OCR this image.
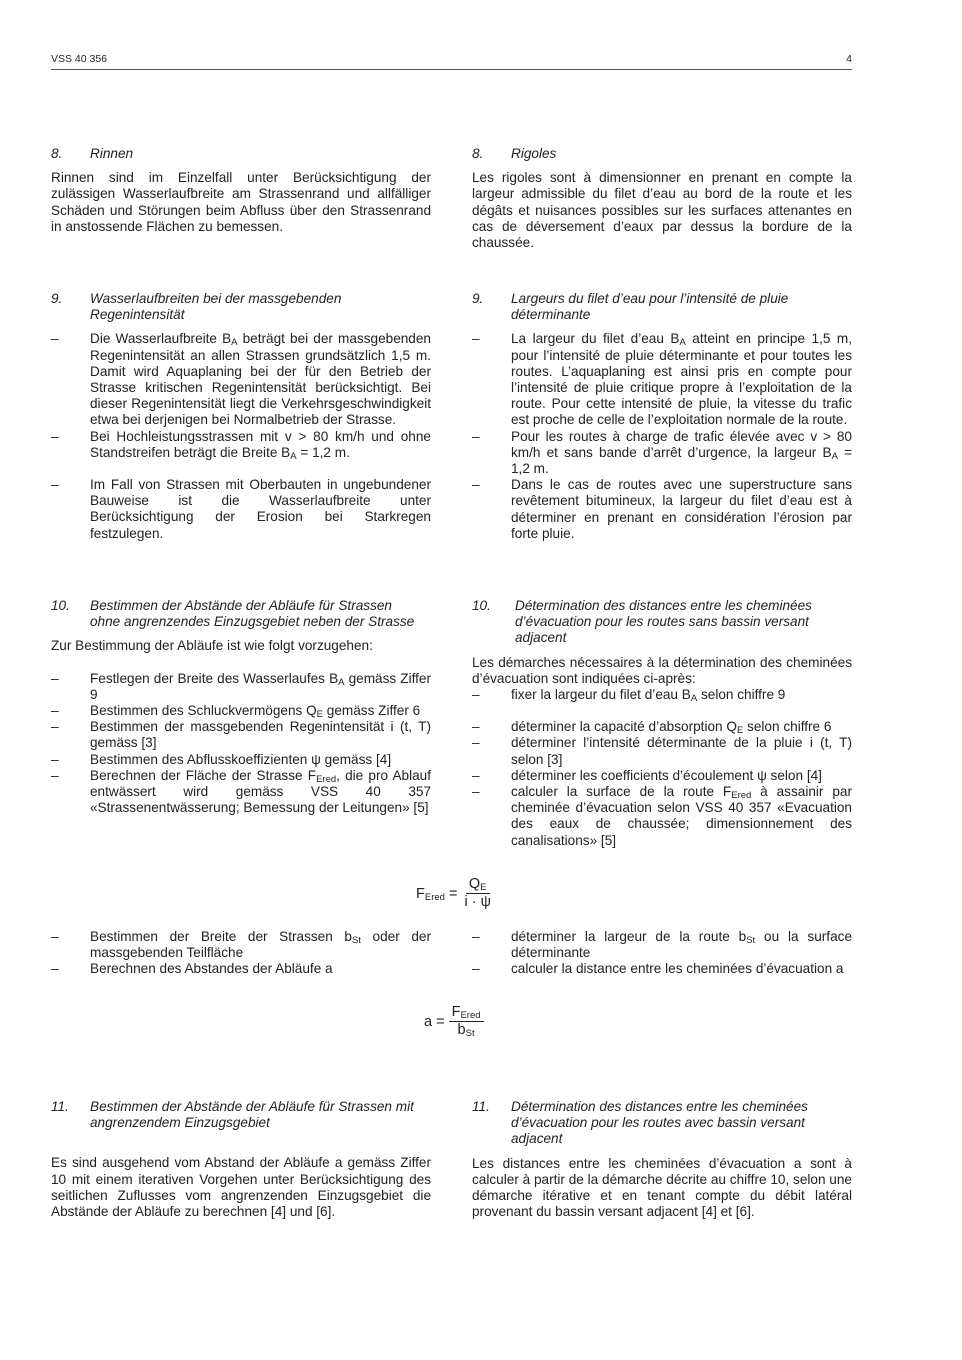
VSS 40 356	4
8.	Rinnen

Rinnen sind im Einzelfall unter Berücksichtigung der zulässigen Wasserlaufbreite am Strassenrand und allfälliger Schäden und Störungen beim Abfluss über den Strassenrand in anstossende Flächen zu bemessen.

9.	Wasserlaufbreiten bei der massgebenden Regenintensität
–	Die Wasserlaufbreite $B_A$ beträgt bei der massgebenden Regenintensität an allen Strassen grundsätzlich 1,5 m. Damit wird Aquaplaning bei der für den Betrieb der Strasse kritischen Regenintensität berücksichtigt. Bei dieser Regenintensität liegt die Verkehrsgeschwindigkeit etwa bei derjenigen bei Normalbetrieb der Strasse.
–	Bei Hochleistungsstrassen mit v > 80 km/h und ohne Standstreifen beträgt die Breite $B_A = 1,2$ m.
–	Im Fall von Strassen mit Oberbauten in ungebundener Bauweise ist die Wasserlaufbreite unter Berücksichtigung der Erosion bei Starkregen festzulegen.
10.	Bestimmen der Abstände der Abläufe für Strassen ohne angrenzendes Einzugsgebiet neben der Strasse

Zur Bestimmung der Abläufe ist wie folgt vorzugehen:

–	Festlegen der Breite des Wasserlaufes $B_A$ gemäss Ziffer 9
–	Bestimmen des Schluckvermögens $Q_E$ gemäss Ziffer 6
–	Bestimmen der massgebenden Regenintensität i (t, T) gemäss [3]
–	Bestimmen des Abflusskoeffizienten ψ gemäss [4]
–	Berechnen der Fläche der Strasse $F_{Ered}$, die pro Ablauf entwässert wird gemäss VSS 40 357 «Strassenentwässerung; Bemessung der Leitungen» [5]
–	Bestimmen der Breite der Strassen $b_{St}$ oder der massgebenden Teilfläche
–	Berechnen des Abstandes der Abläufe a
11.	Bestimmen der Abstände der Abläufe für Strassen mit angrenzendem Einzugsgebiet

Es sind ausgehend vom Abstand der Abläufe a gemäss Ziffer 10 mit einem iterativen Vorgehen unter Berücksichtigung des seitlichen Zuflusses vom angrenzenden Einzugsgebiet die Abstände der Abläufe zu berechnen [4] und [6].

8.	Rigoles

Les rigoles sont à dimensionner en prenant en compte la largeur admissible du filet d’eau au bord de la route et les dégâts et nuisances possibles sur les surfaces attenantes en cas de déversement d’eaux par dessus la bordure de la chaussée.

9.	Largeurs du filet d’eau pour l’intensité de pluie déterminante
–	La largeur du filet d’eau $B_A$ atteint en principe 1,5 m, pour l’intensité de pluie déterminante et pour toutes les routes. L’aquaplaning est ainsi pris en compte pour l’intensité de pluie critique propre à l’exploitation de la route. Pour cette intensité de pluie, la vitesse du trafic est proche de celle de l’exploitation normale de la route.
–	Pour les routes à charge de trafic élevée avec v > 80 km/h et sans bande d’arrêt d’urgence, la largeur $B_A = 1,2$ m.
–	Dans le cas de routes avec une superstructure sans revêtement bitumineux, la largeur du filet d’eau est à déterminer en prenant en considération l’érosion par forte pluie.
10.	Détermination des distances entre les cheminées d’évacuation pour les routes sans bassin versant adjacent

Les démarches nécessaires à la détermination des cheminées d’évacuation sont indiquées ci-après:

–	fixer la largeur du filet d’eau $B_A$ selon chiffre 9
–	déterminer la capacité d’absorption $Q_E$ selon chiffre 6
–	déterminer l’intensité déterminante de la pluie i (t, T) selon [3]
–	déterminer les coefficients d’écoulement ψ selon [4]
–	calculer la surface de la route $F_{Ered}$ à assainir par cheminée d’évacuation selon VSS 40 357 «Evacuation des eaux de chaussée; dimensionnement des canalisations» [5]
–	déterminer la largeur de la route $b_{St}$ ou la surface déterminante
–	calculer la distance entre les cheminées d’évacuation a
11.	Détermination des distances entre les cheminées d’évacuation pour les routes avec bassin versant adjacent

Les distances entre les cheminées d’évacuation a sont à calculer à partir de la démarche décrite au chiffre 10, selon une démarche itérative et en tenant compte du débit latéral provenant du bassin versant adjacent [4] et [6].

$F_{Ered} = \frac{Q_E}{i \cdot \psi}$
$a = \frac{F_{Ered}}{b_{St}}$
